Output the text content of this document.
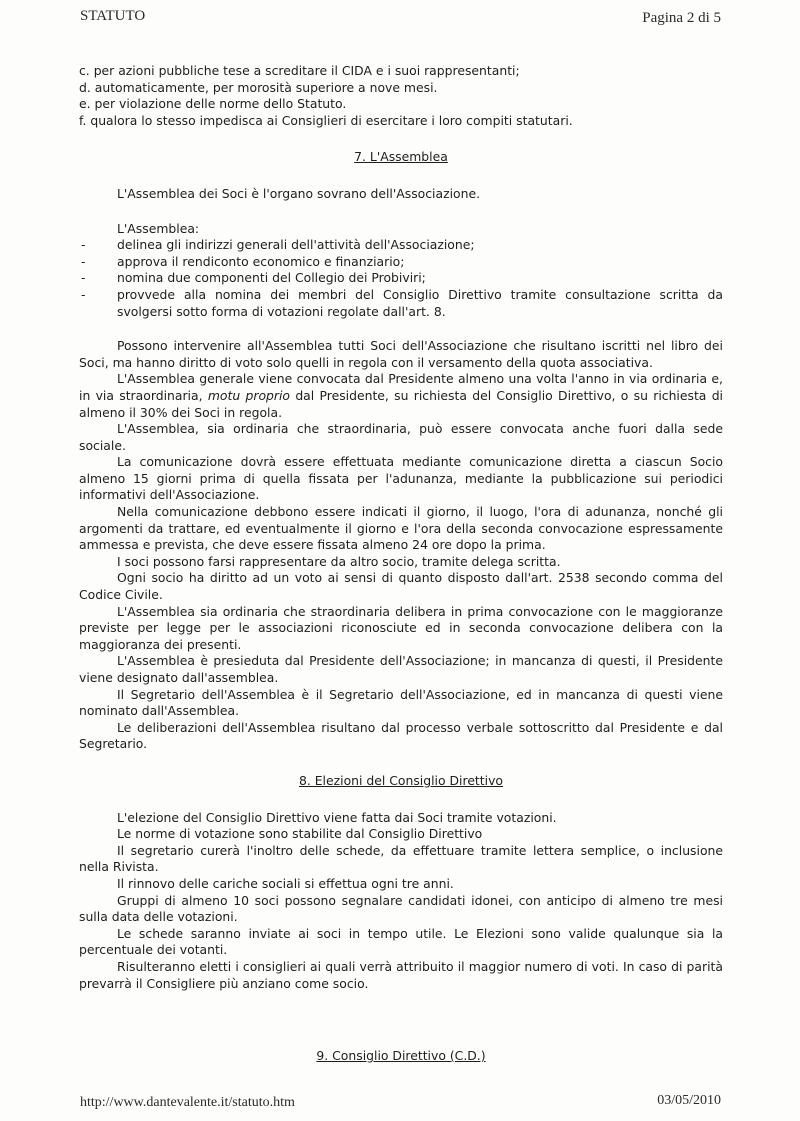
STATUTO	Pagina 2 di 5

c. per azioni pubbliche tese a screditare il CIDA e i suoi rappresentanti;

d. automaticamente, per morosità superiore a nove mesi.

e. per violazione delle norme dello Statuto.

f. qualora lo stesso impedisca ai Consiglieri di esercitare i loro compiti statutari.

7. L'Assemblea

L'Assemblea dei Soci è l'organo sovrano dell'Associazione.

L'Assemblea:

-	delinea gli indirizzi generali dell'attività dell'Associazione;
-	approva il rendiconto economico e finanziario;
-	nomina due componenti del Collegio dei Probiviri;
-	provvede alla nomina dei membri del Consiglio Direttivo tramite consultazione scritta da svolgersi sotto forma di votazioni regolate dall'art. 8.

Possono intervenire all'Assemblea tutti Soci dell'Associazione che risultano iscritti nel libro dei Soci, ma hanno diritto di voto solo quelli in regola con il versamento della quota associativa.

L'Assemblea generale viene convocata dal Presidente almeno una volta l'anno in via ordinaria e, in via straordinaria, motu proprio dal Presidente, su richiesta del Consiglio Direttivo, o su richiesta di almeno il 30% dei Soci in regola.

L'Assemblea, sia ordinaria che straordinaria, può essere convocata anche fuori dalla sede sociale.

La comunicazione dovrà essere effettuata mediante comunicazione diretta a ciascun Socio almeno 15 giorni prima di quella fissata per l'adunanza, mediante la pubblicazione sui periodici informativi dell'Associazione.

Nella comunicazione debbono essere indicati il giorno, il luogo, l'ora di adunanza, nonché gli argomenti da trattare, ed eventualmente il giorno e l'ora della seconda convocazione espressamente ammessa e prevista, che deve essere fissata almeno 24 ore dopo la prima.

I soci possono farsi rappresentare da altro socio, tramite delega scritta.

Ogni socio ha diritto ad un voto ai sensi di quanto disposto dall'art. 2538 secondo comma del Codice Civile.

L'Assemblea sia ordinaria che straordinaria delibera in prima convocazione con le maggioranze previste per legge per le associazioni riconosciute ed in seconda convocazione delibera con la maggioranza dei presenti.

L'Assemblea è presieduta dal Presidente dell'Associazione; in mancanza di questi, il Presidente viene designato dall'assemblea.

Il Segretario dell'Assemblea è il Segretario dell'Associazione, ed in mancanza di questi viene nominato dall'Assemblea.

Le deliberazioni dell'Assemblea risultano dal processo verbale sottoscritto dal Presidente e dal Segretario.

8. Elezioni del Consiglio Direttivo

L'elezione del Consiglio Direttivo viene fatta dai Soci tramite votazioni.

Le norme di votazione sono stabilite dal Consiglio Direttivo

Il segretario curerà l'inoltro delle schede, da effettuare tramite lettera semplice, o inclusione nella Rivista.

Il rinnovo delle cariche sociali si effettua ogni tre anni.

Gruppi di almeno 10 soci possono segnalare candidati idonei, con anticipo di almeno tre mesi sulla data delle votazioni.

Le schede saranno inviate ai soci in tempo utile. Le Elezioni sono valide qualunque sia la percentuale dei votanti.

Risulteranno eletti i consiglieri ai quali verrà attribuito il maggior numero di voti. In caso di parità prevarrà il Consigliere più anziano come socio.

9. Consiglio Direttivo (C.D.)

http://www.dantevalente.it/statuto.htm	03/05/2010
